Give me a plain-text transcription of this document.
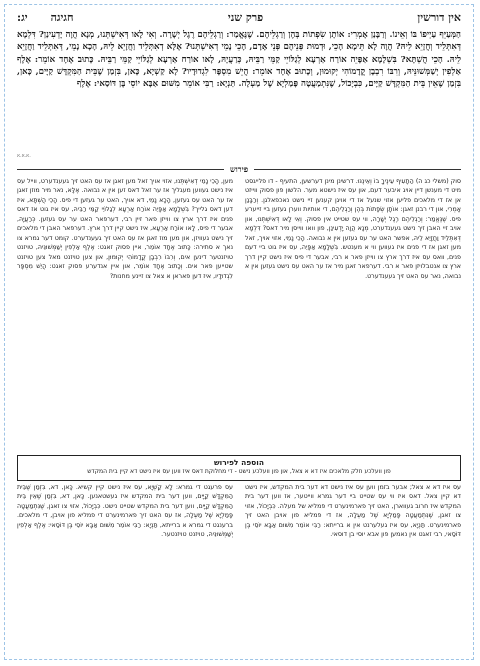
אין דורשין
פרק שני
חגיגה      יג:
הַמְּעַיֵּף עַיְיפוֹ בּוֹ וְאֵינוֹ. וְרַבָּנַן אָמְרִי: אוֹתָן שִׂפְתוֹת בְּהֶן וְרַגְלֵיהֶם. שֶׁנֶּאֱמַר: וְרַגְלֵיהֶם רֶגֶל יְשָׁרָה. וְאִי לָאו דְּאִישְׁתְּנוּ, מְנָא הֲוָה יָדְעִינַן? דִּלְמָא דְּאִתְּלֵיד וְחֲזָיֵא לֵיהּ? הֲוָה לָא תֵּימָא הָכֵי, וּדְמוּת פְּנֵיהֶם פְּנֵי אָדָם, הָכֵי נָמֵי דְאִישְׁתְּנוּ? אֶלָּא דְאִתְּלֵיד וַחֲזָיֵא לֵיהּ, הָכָא נָמֵי, דְּאִתְּלֵיד וַחֲזָיֵא לֵיהּ. הָכֵי הֲשְׁתָּא? בִּשְׁלָמָא אַפָּיֵה אוֹרַח אַרְעָא לְגַלּוֹיֵי קַמֵּי רַבֵּיהּ, כְּרַעֲיָהּ, לָאו אוֹרַח אַרְעָא לְגַלּוֹיֵי קַמֵּי רַבֵּיהּ. כָּתוּב אֶחָד אוֹמֵר: אֶלֶף אַלְפִין יְשַׁמְּשׁוּנֵּיהּ, וְרִבּוֹ רִבְבָן קֳדָמוֹהִי יְקוּמוּן, וְכָתוּב אֶחָד אוֹמֵר: הֲיֵשׁ מִסְפָּר לִגְדוּדָיו? לָא קַשְׁיָא, כָּאן, בִּזְמַן שֶׁבֵּית הַמִּקְדָּשׁ קַיָּים, כָּאן, בִּזְמַן שֶׁאֵין בֵּית הַמִּקְדָּשׁ קַיָּים, כִּבְיָכוֹל, שֶׁנִּתְמַעֲטָה פָּמַלְיָא שֶׁל מַעְלָה. תַּנְיָא: רַבִּי אוֹמֵר מִשּׁוּם אַבָּא יוֹסֵי בֶּן דּוֹסַאי: אֶלֶף
א.א.א.
פירוש
סוק (משלי כג ה) הַתָעִיף עֵינֶיךָ בוֹ וְאֵינֶנּוּ. דרשינן מינן דערשען, התעיף - דו פלייגסט מיט די מענשן דיין אויג איבער דעם, און עס איז נישטא מער. הלשון פון פסוק ווייזט אן אז די מלאכים פליען אזוי שנעל אז די אויגן קענען זיי נישט נאכפאלגן. וְרַבָּנַן אָמְרִי, און די רבנן זאגן: אוֹתָן שְׂפָתוֹת בְּהֶן וְרַגְלֵיהֶם, די אותיות ווערן געזען ביי זייערע פיס. שֶׁנֶּאֱמַר: וְרַגְלֵיהֶם רֶגֶל יְשָׁרָה, ווי עס שטייט אין פסוק. וְאִי לָאו דְּאִישְׁתְּנוּ, און אויב זיי האבן זיך נישט געענדערט, מְנָא הֲוָה יָדְעִינַן, פון וואו ווייסן מיר דאס? דִּלְמָא דְּאִתְּלֵיד וַחֲזָיֵא לֵיהּ, אפשר האט ער עס געזען אין א נבואה. הָכֵי נָמֵי, אזוי אויך, זאל מען זאגן אז די פנים איז געווען ווי א מענטש. בִּשְׁלָמָא אַפָּיֵה, עס איז גוט ביי דעם פנים, וואס עס איז דרך ארץ צו ווייזן פאר א רבי, אבער די פיס איז נישט קיין דרך ארץ צו אנטבלויזן פאר א רבי. דערפאר זאגן מיר אז ער האט עס נישט געזען אין א נבואה, נאר עס האט זיך געענדערט.
מען, הָכֵי נָמֵי דְאִישְׁתְּנוּ, אזוי אויך זאל מען זאגן אז עס האט זיך געענדערט, ווייל עס איז נישט געווען מעגליך אז ער זאל דאס זען אין א נבואה. אֶלָּא, נאר מיר מוזן זאגן אז ער האט עס געזען, הָכָא נָמֵי, דא אויך, האט ער געזען די פיס. הָכֵי הֲשְׁתָּא, איז דען דאס גלייך? בִּשְׁלָמָא אַפָּיֵה אוֹרַח אַרְעָא לְגַלּוֹיֵי קַמֵּי רַבֵּיהּ, עס איז גוט אז דאס פנים איז דרך ארץ צו ווייזן פאר זיין רבי, דערפאר האט ער עס געזען. כְּרַעֲיָהּ, אבער די פיס, לָאו אוֹרַח אַרְעָא, איז נישט קיין דרך ארץ. דערפאר האבן די מלאכים זיך נישט געוויזן, און מען מוז זאגן אז עס האט זיך געענדערט. קומט דער גמרא צו נאך א סתירה: כָּתוּב אֶחָד אוֹמֵר, איין פסוק זאגט: אֶלֶף אַלְפִין יְשַׁמְּשׁוּנֵּיהּ, טויזנט טויזנטער דינען אים, וְרִבּוֹ רִבְבָן קֳדָמוֹהִי יְקוּמוּן, און צען טויזנט מאל צען טויזנט שטייען פאר אים. וְכָתוּב אֶחָד אוֹמֵר, און איין אנדערע פסוק זאגט: הֲיֵשׁ מִסְפָּר לִגְדוּדָיו, איז דען פאראן א צאל צו זיינע מחנות?
הוספה לפירוש
פון וועלכע חלק מלאכים איז דא א צאל, און פון וועלכע נישט - די מחלוקת דאס איז ווען עס איז נישט דא קיין בית המקדש
עס איז דא א צאל; אבער בזמן ווען עס איז נישט דא דער בית המקדש, איז נישט דא קיין צאל. דאס איז ווי עס שטייט ביי דער גמרא ווייטער, אז ווען דער בית המקדש איז חרוב געווארן, האט זיך פארמינערט די פמליא של מעלה. כִּבְיָכוֹל, אזוי צו זאגן, שֶׁנִּתְמַעֲטָה פָּמַלְיָא שֶׁל מַעְלָה, אז די פמליא פון אויבן האט זיך פארמינערט. תַּנְיָא, עס איז געלערנט אין א ברייתא: רַבִּי אוֹמֵר מִשּׁוּם אַבָּא יוֹסֵי בֶּן דּוֹסַאי, רבי זאגט אין נאמען פון אבא יוסי בן דוסאי.
עס פרעגט די גמרא: לָא קַשְׁיָא, עס איז נישט קיין קשיא. כָּאן, דא, בִּזְמַן שֶׁבֵּית הַמִּקְדָּשׁ קַיָּים, ווען דער בית המקדש איז געשטאנען. כָּאן, דא, בִּזְמַן שֶׁאֵין בֵּית הַמִּקְדָּשׁ קַיָּים, ווען דער בית המקדש שטייט נישט. כִּבְיָכוֹל, אזוי צו זאגן, שֶׁנִּתְמַעֲטָה פָּמַלְיָא שֶׁל מַעְלָה, אז עס האט זיך פארמינערט די פמליא פון אויבן, די מלאכים. ברענגט די גמרא א ברייתא, תַּנְיָא: רַבִּי אוֹמֵר מִשּׁוּם אַבָּא יוֹסֵי בֶּן דּוֹסַאי: אֶלֶף אַלְפִין יְשַׁמְּשׁוּנֵּיהּ, טויזנט טויזנטער.
